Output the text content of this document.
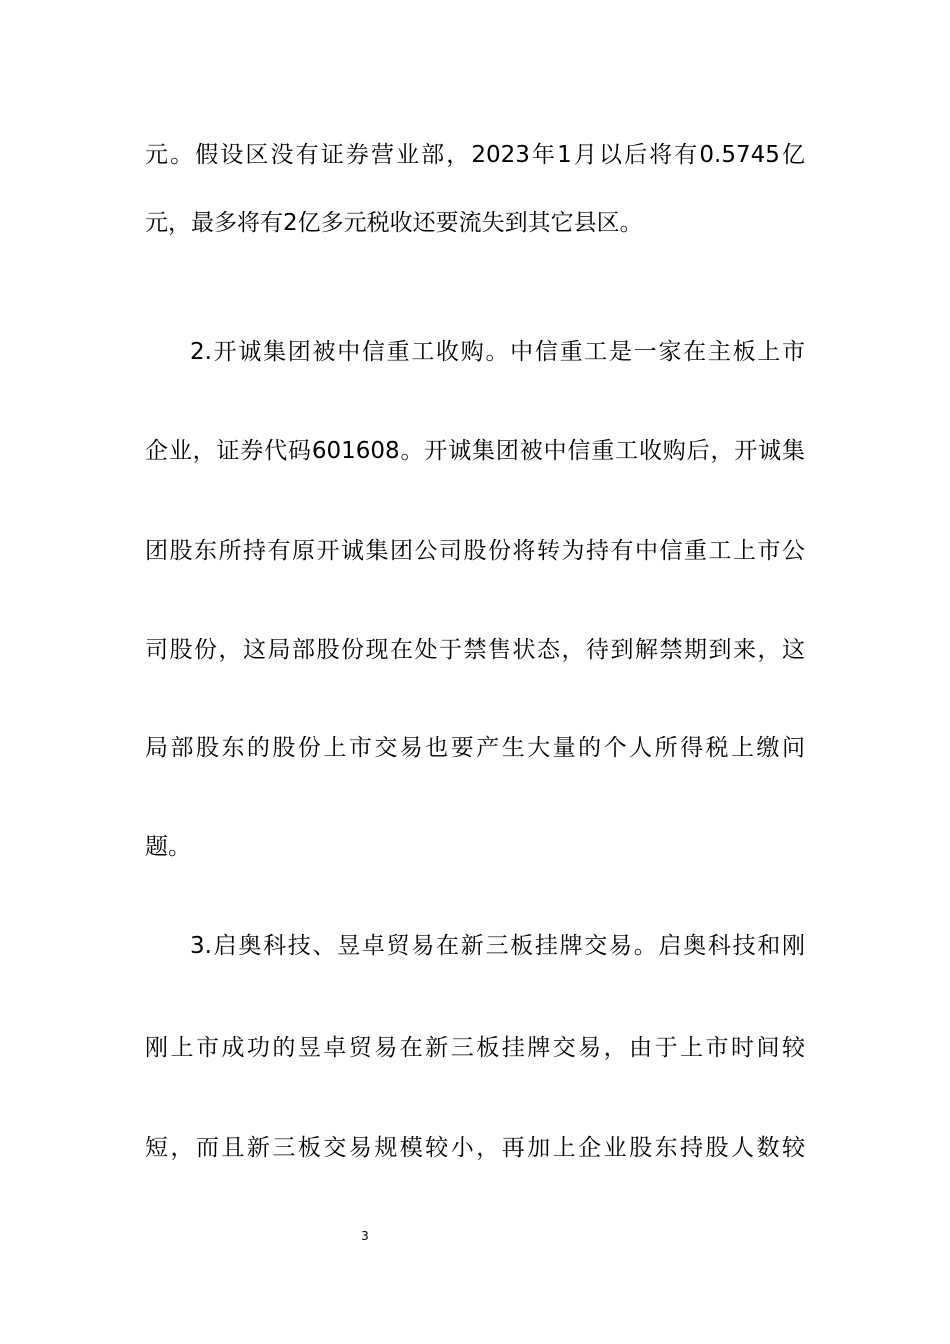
元。假设区没有证券营业部，2023年1月以后将有0.5745亿
元，最多将有2亿多元税收还要流失到其它县区。
2.开诚集团被中信重工收购。中信重工是一家在主板上市
企业，证券代码601608。开诚集团被中信重工收购后，开诚集
团股东所持有原开诚集团公司股份将转为持有中信重工上市公
司股份，这局部股份现在处于禁售状态，待到解禁期到来，这
局部股东的股份上市交易也要产生大量的个人所得税上缴问
题。
3.启奥科技、昱卓贸易在新三板挂牌交易。启奥科技和刚
刚上市成功的昱卓贸易在新三板挂牌交易，由于上市时间较
短，而且新三板交易规模较小，再加上企业股东持股人数较
3
